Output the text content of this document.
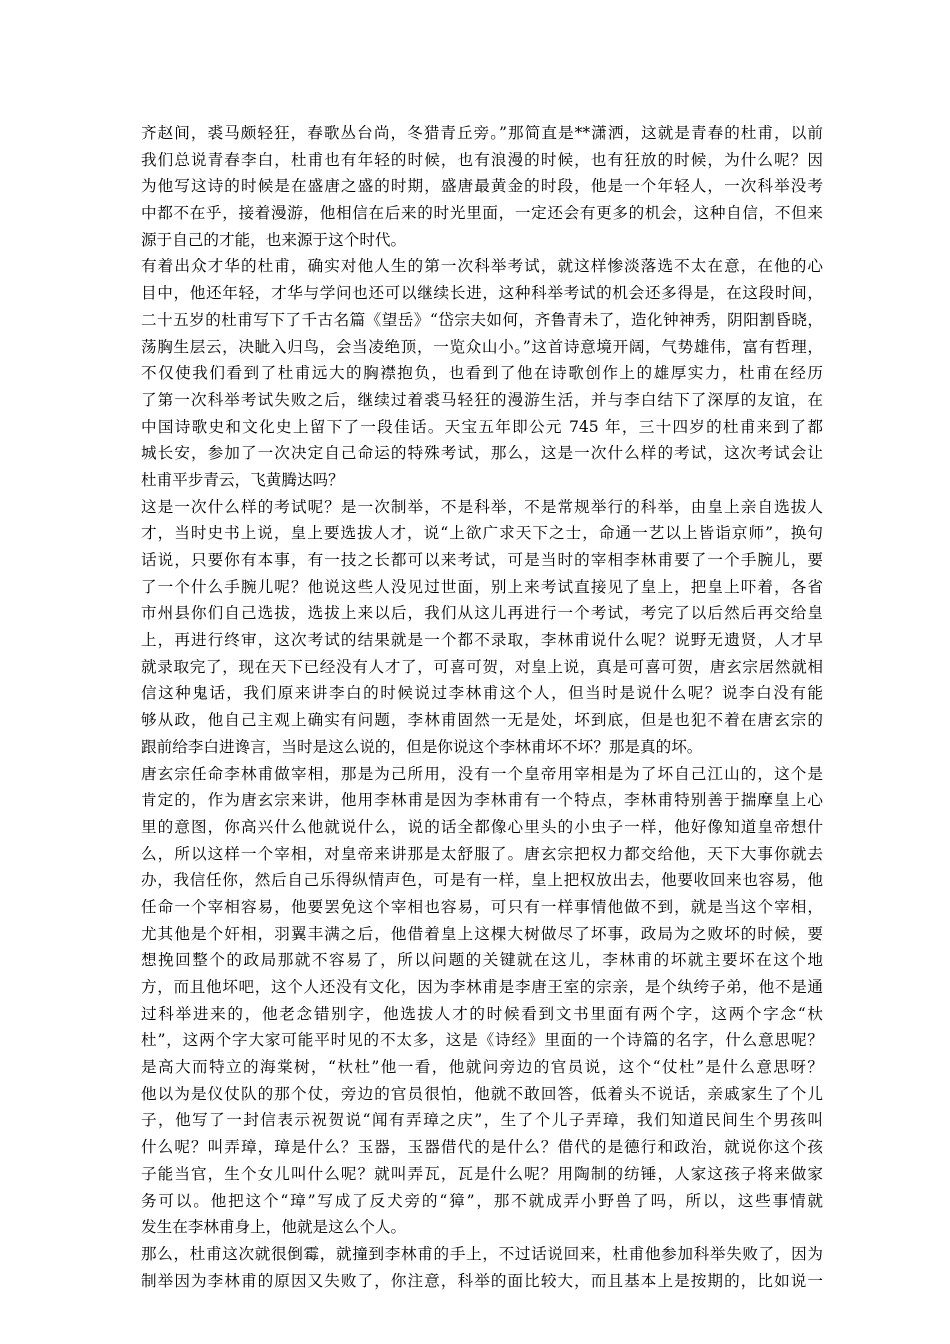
齐赵间，裘马颇轻狂，春歌丛台尚，冬猎青丘旁。”那简直是**潇洒，这就是青春的杜甫，以前
我们总说青春李白，杜甫也有年轻的时候，也有浪漫的时候，也有狂放的时候，为什么呢？因
为他写这诗的时候是在盛唐之盛的时期，盛唐最黄金的时段，他是一个年轻人，一次科举没考
中都不在乎，接着漫游，他相信在后来的时光里面，一定还会有更多的机会，这种自信，不但来
源于自己的才能，也来源于这个时代。
有着出众才华的杜甫，确实对他人生的第一次科举考试，就这样惨淡落选不太在意，在他的心
目中，他还年轻，才华与学问也还可以继续长进，这种科举考试的机会还多得是，在这段时间，
二十五岁的杜甫写下了千古名篇《望岳》“岱宗夫如何，齐鲁青未了，造化钟神秀，阴阳割昏晓，
荡胸生层云，决眦入归鸟，会当凌绝顶，一览众山小。”这首诗意境开阔，气势雄伟，富有哲理，
不仅使我们看到了杜甫远大的胸襟抱负，也看到了他在诗歌创作上的雄厚实力，杜甫在经历
了第一次科举考试失败之后，继续过着裘马轻狂的漫游生活，并与李白结下了深厚的友谊，在
中国诗歌史和文化史上留下了一段佳话。天宝五年即公元 745 年，三十四岁的杜甫来到了都
城长安，参加了一次决定自己命运的特殊考试，那么，这是一次什么样的考试，这次考试会让
杜甫平步青云，飞黄腾达吗？
这是一次什么样的考试呢？是一次制举，不是科举，不是常规举行的科举，由皇上亲自选拔人
才，当时史书上说，皇上要选拔人才，说“上欲广求天下之士，命通一艺以上皆诣京师”，换句
话说，只要你有本事，有一技之长都可以来考试，可是当时的宰相李林甫要了一个手腕儿，要
了一个什么手腕儿呢？他说这些人没见过世面，别上来考试直接见了皇上，把皇上吓着，各省
市州县你们自己选拔，选拔上来以后，我们从这儿再进行一个考试，考完了以后然后再交给皇
上，再进行终审，这次考试的结果就是一个都不录取，李林甫说什么呢？说野无遗贤，人才早
就录取完了，现在天下已经没有人才了，可喜可贺，对皇上说，真是可喜可贺，唐玄宗居然就相
信这种鬼话，我们原来讲李白的时候说过李林甫这个人，但当时是说什么呢？说李白没有能
够从政，他自己主观上确实有问题，李林甫固然一无是处，坏到底，但是也犯不着在唐玄宗的
跟前给李白进谗言，当时是这么说的，但是你说这个李林甫坏不坏？那是真的坏。
唐玄宗任命李林甫做宰相，那是为己所用，没有一个皇帝用宰相是为了坏自己江山的，这个是
肯定的，作为唐玄宗来讲，他用李林甫是因为李林甫有一个特点，李林甫特别善于揣摩皇上心
里的意图，你高兴什么他就说什么，说的话全都像心里头的小虫子一样，他好像知道皇帝想什
么，所以这样一个宰相，对皇帝来讲那是太舒服了。唐玄宗把权力都交给他，天下大事你就去
办，我信任你，然后自己乐得纵情声色，可是有一样，皇上把权放出去，他要收回来也容易，他
任命一个宰相容易，他要罢免这个宰相也容易，可只有一样事情他做不到，就是当这个宰相，
尤其他是个奸相，羽翼丰满之后，他借着皇上这棵大树做尽了坏事，政局为之败坏的时候，要
想挽回整个的政局那就不容易了，所以问题的关键就在这儿，李林甫的坏就主要坏在这个地
方，而且他坏吧，这个人还没有文化，因为李林甫是李唐王室的宗亲，是个纨绔子弟，他不是通
过科举进来的，他老念错别字，他选拔人才的时候看到文书里面有两个字，这两个字念“杕
杜”，这两个字大家可能平时见的不太多，这是《诗经》里面的一个诗篇的名字，什么意思呢？
是高大而特立的海棠树，“杕杜”他一看，他就问旁边的官员说，这个“仗杜”是什么意思呀？
他以为是仪仗队的那个仗，旁边的官员很怕，他就不敢回答，低着头不说话，亲戚家生了个儿
子，他写了一封信表示祝贺说“闻有弄璋之庆”，生了个儿子弄璋，我们知道民间生个男孩叫
什么呢？叫弄璋，璋是什么？玉器，玉器借代的是什么？借代的是德行和政治，就说你这个孩
子能当官，生个女儿叫什么呢？就叫弄瓦，瓦是什么呢？用陶制的纺锤，人家这孩子将来做家
务可以。他把这个“璋”写成了反犬旁的“獐”，那不就成弄小野兽了吗，所以，这些事情就
发生在李林甫身上，他就是这么个人。
那么，杜甫这次就很倒霉，就撞到李林甫的手上，不过话说回来，杜甫他参加科举失败了，因为
制举因为李林甫的原因又失败了，你注意，科举的面比较大，而且基本上是按期的，比如说一
